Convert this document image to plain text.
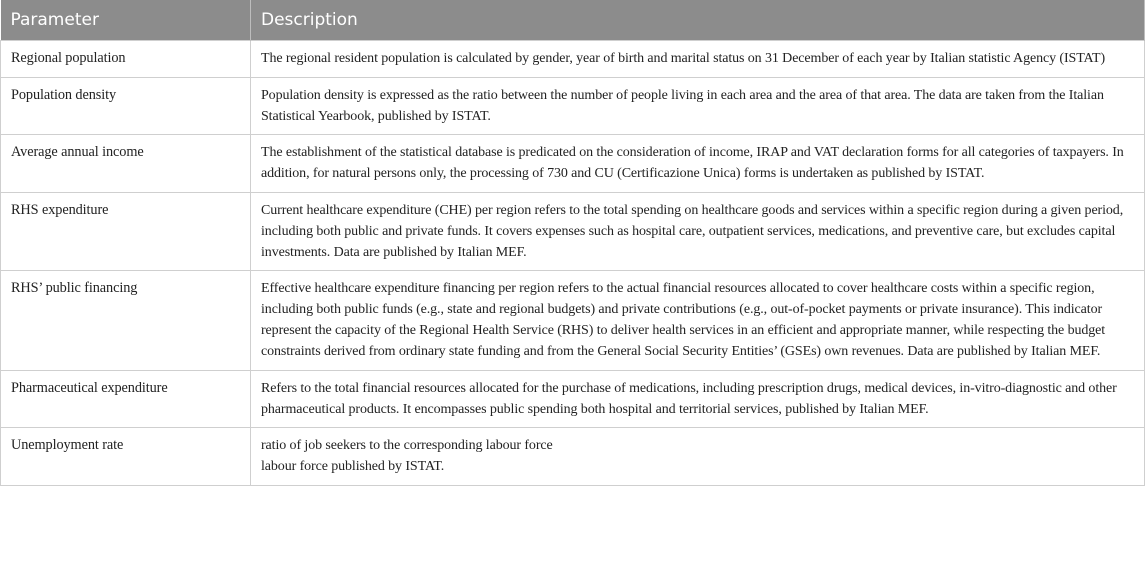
Parameter	Description
Regional population	The regional resident population is calculated by gender, year of birth and marital status on 31 December of each year by Italian statistic Agency (ISTAT)
Population density	Population density is expressed as the ratio between the number of people living in each area and the area of that area. The data are taken from the Italian Statistical Yearbook, published by ISTAT.
Average annual income	The establishment of the statistical database is predicated on the consideration of income, IRAP and VAT declaration forms for all categories of taxpayers. In addition, for natural persons only, the processing of 730 and CU (Certificazione Unica) forms is undertaken as published by ISTAT.
RHS expenditure	Current healthcare expenditure (CHE) per region refers to the total spending on healthcare goods and services within a specific region during a given period, including both public and private funds. It covers expenses such as hospital care, outpatient services, medications, and preventive care, but excludes capital investments. Data are published by Italian MEF.
RHS’ public financing	Effective healthcare expenditure financing per region refers to the actual financial resources allocated to cover healthcare costs within a specific region, including both public funds (e.g., state and regional budgets) and private contributions (e.g., out-of-pocket payments or private insurance). This indicator represent the capacity of the Regional Health Service (RHS) to deliver health services in an efficient and appropriate manner, while respecting the budget constraints derived from ordinary state funding and from the General Social Security Entities’ (GSEs) own revenues. Data are published by Italian MEF.
Pharmaceutical expenditure	Refers to the total financial resources allocated for the purchase of medications, including prescription drugs, medical devices, in-vitro-diagnostic and other pharmaceutical products. It encompasses public spending both hospital and territorial services, published by Italian MEF.
Unemployment rate	ratio of job seekers to the corresponding labour force
labour force published by ISTAT.
